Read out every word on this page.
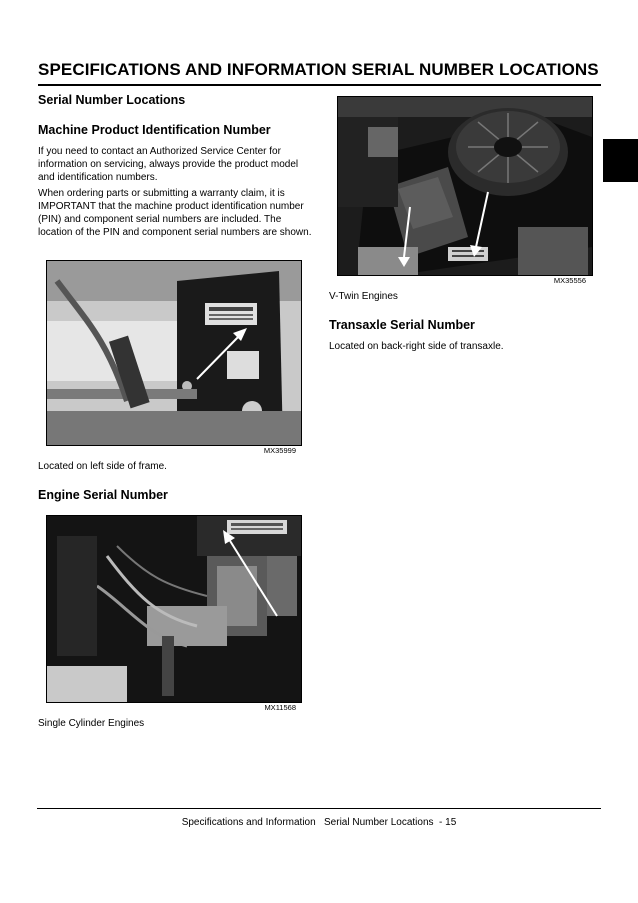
SPECIFICATIONS AND INFORMATION SERIAL NUMBER LOCATIONS
Serial Number Locations
Machine Product Identification Number
If you need to contact an Authorized Service Center for information on servicing, always provide the product model and identification numbers.
When ordering parts or submitting a warranty claim, it is IMPORTANT that the machine product identification number (PIN) and component serial numbers are included. The location of the PIN and component serial numbers are shown.
MX35999
Located on left side of frame.
Engine Serial Number
MX11568
Single Cylinder Engines
MX35556
V-Twin Engines
Transaxle Serial Number
Located on back-right side of transaxle.
Specifications and Information   Serial Number Locations  - 15
